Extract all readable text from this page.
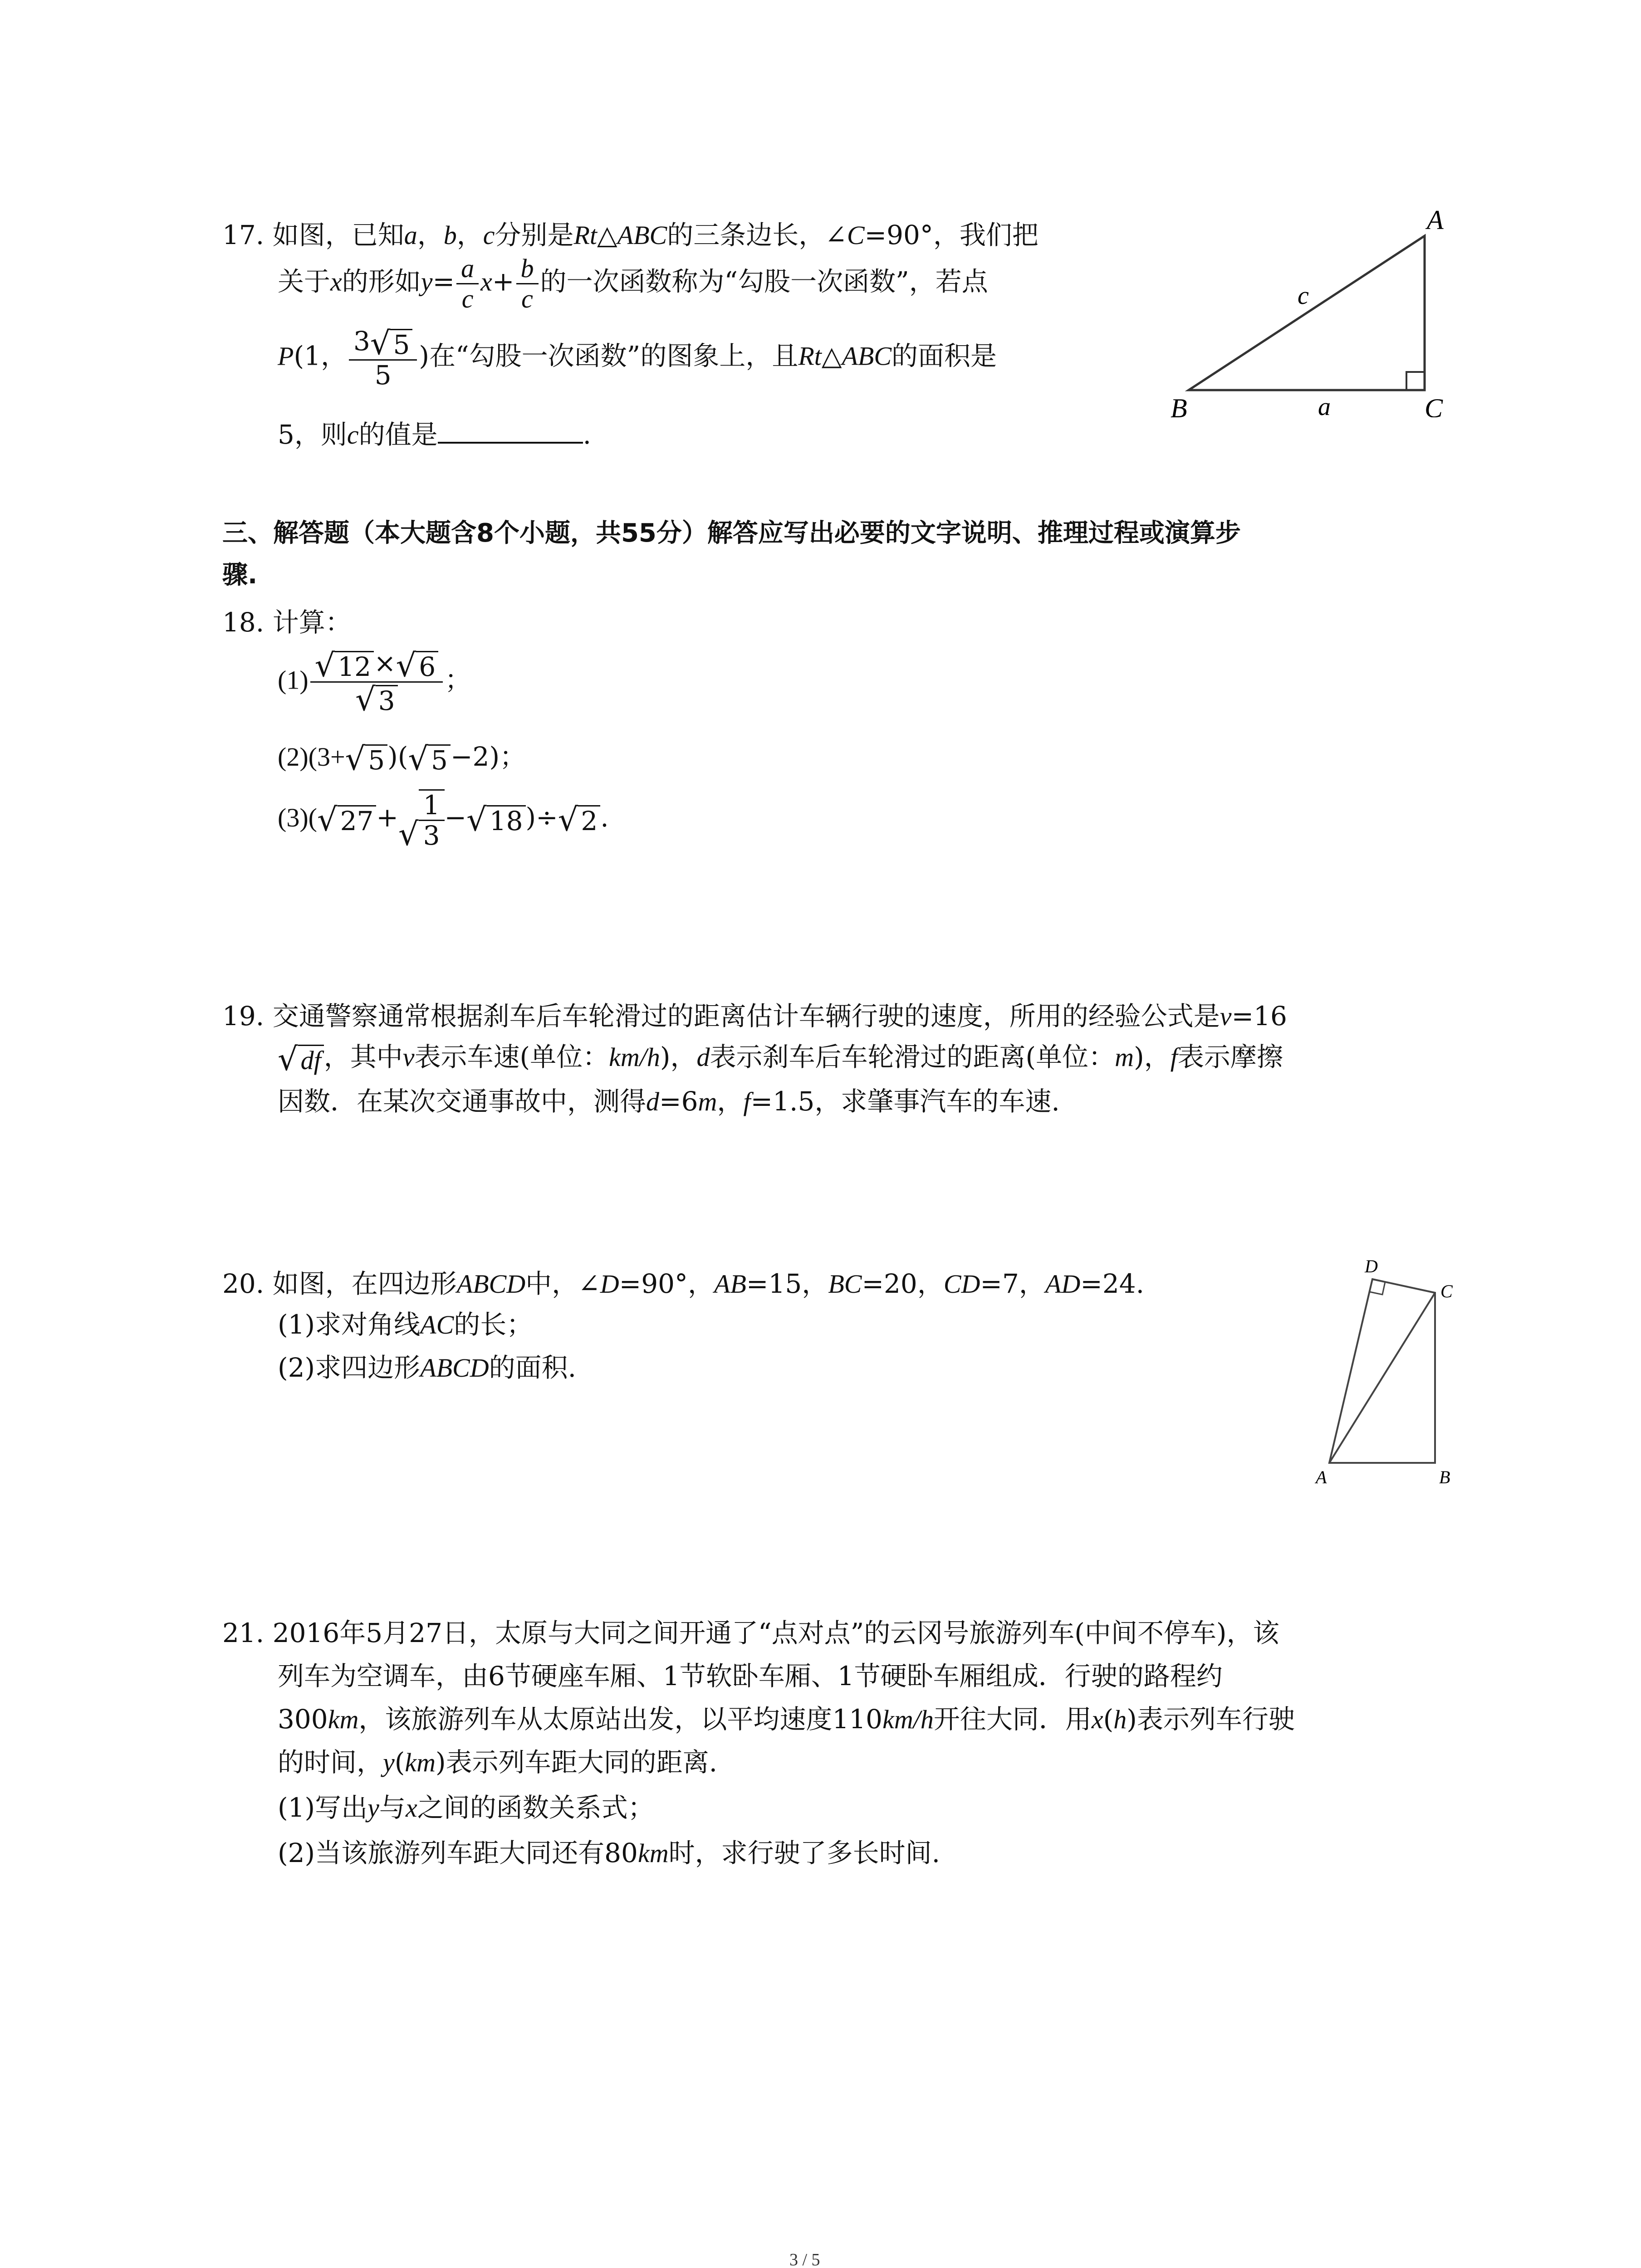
17. 如图，已知a，b，c分别是Rt△ABC的三条边长，∠C=90°，我们把
关于x的形如$y= \frac{a}{c} x+ \frac{b}{c}$ 的一次函数称为“勾股一次函数”，若点
P(1， $\frac{3 √ 5}{5}$ )在“勾股一次函数”的图象上，且Rt△ABC的面积是
5，则c的值是	.
A
B	C
a
c
三、解答题（本大题含8个小题，共55分）解答应写出必要的文字说明、推理过程或演算步
骤.
18. 计算：
$(1) \frac{√ 12 \times √ 6}{√ 3}$ ；
(2)(3+ √ 5 )( √ 5 −2)；
(3)( √ 27 + √ $\frac{1}{3}$ − √ 18 )÷ √ 2 .
19. 交通警察通常根据刹车后车轮滑过的距离估计车辆行驶的速度，所用的经验公式是v=16
√ df ，其中v表示车速(单位：km/h)，d表示刹车后车轮滑过的距离(单位：m)，f表示摩擦
因数．在某次交通事故中，测得d=6m，f=1.5，求肇事汽车的车速.
20. 如图，在四边形ABCD中，∠D=90°，AB=15，BC=20，CD=7，AD=24.
(1)求对角线AC的长；
(2)求四边形ABCD的面积.
A	B
C
D
21. 2016年5月27日，太原与大同之间开通了“点对点”的云冈号旅游列车(中间不停车)，该
列车为空调车，由6节硬座车厢、1节软卧车厢、1节硬卧车厢组成．行驶的路程约
300km，该旅游列车从太原站出发，以平均速度110km/h开往大同．用x(h)表示列车行驶
的时间，y(km)表示列车距大同的距离.
(1)写出y与x之间的函数关系式；
(2)当该旅游列车距大同还有80km时，求行驶了多长时间.
3 / 5
